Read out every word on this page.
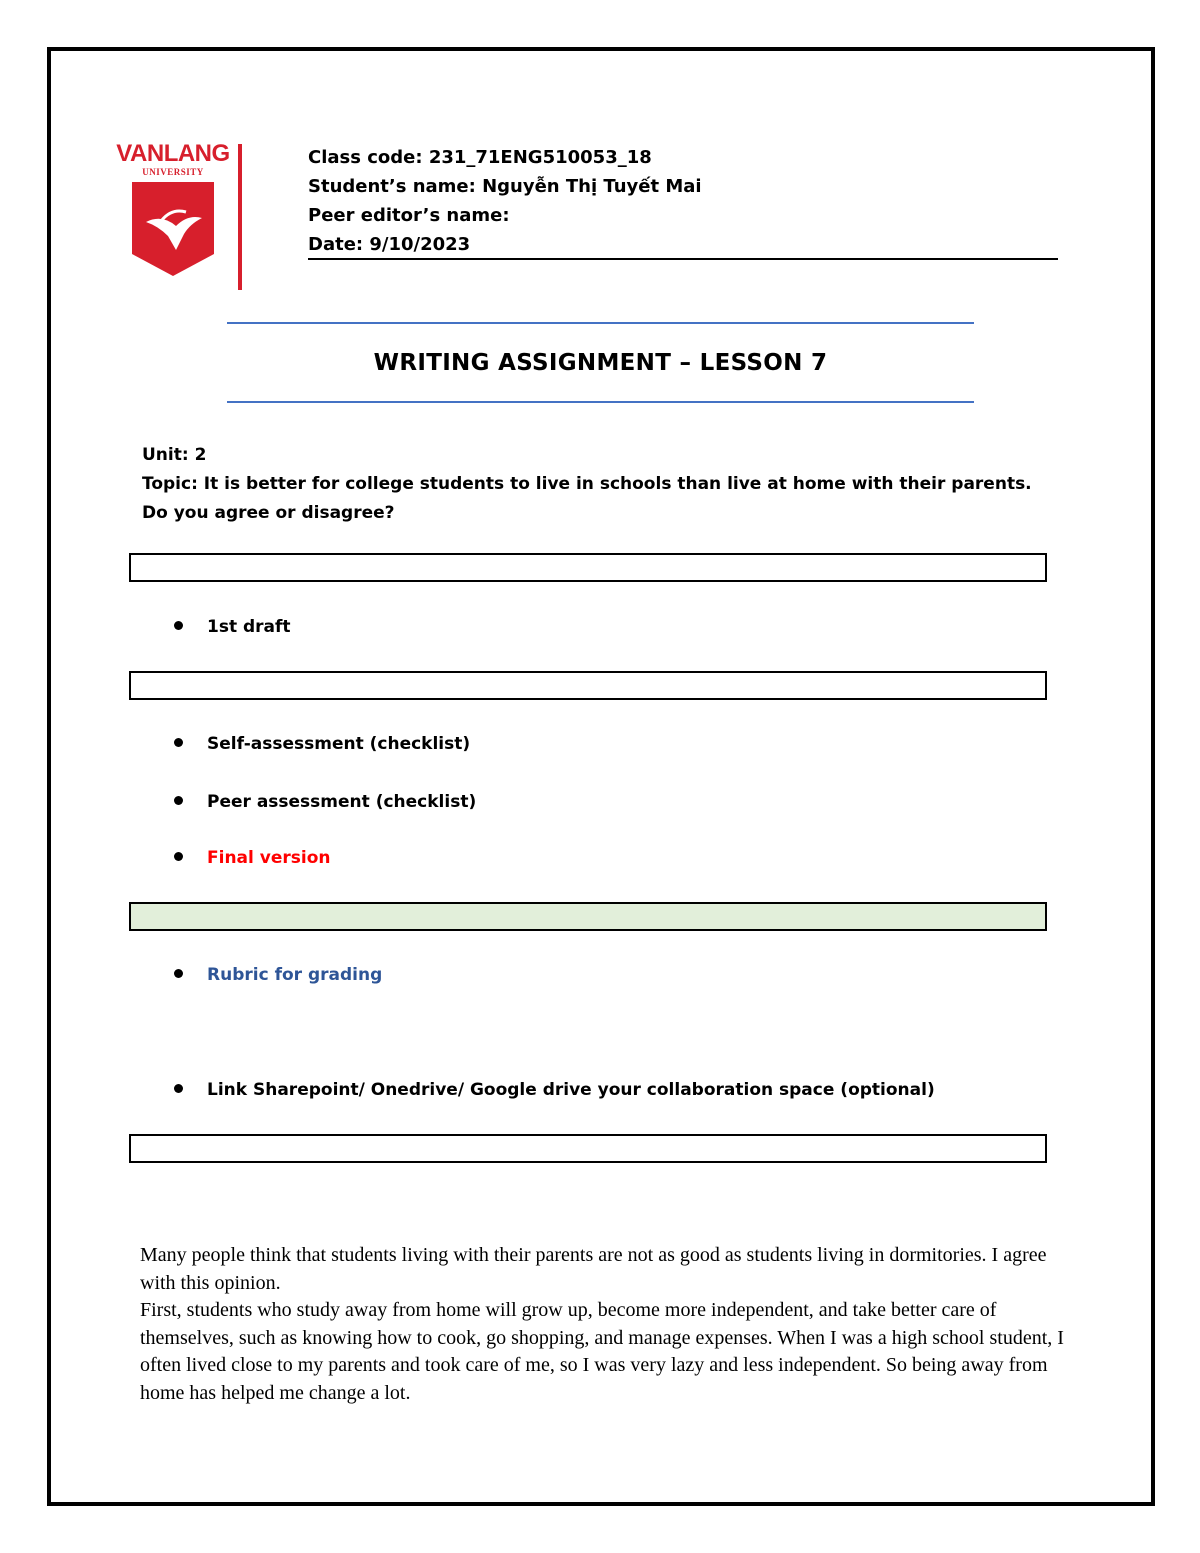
VANLANG
UNIVERSITY
Class code: 231_71ENG510053_18
Student’s name: Nguyễn Thị Tuyết Mai
Peer editor’s name:
Date: 9/10/2023
WRITING ASSIGNMENT – LESSON 7
Unit: 2
Topic: It is better for college students to live in schools than live at home with their parents.
Do you agree or disagree?
1st draft
Self-assessment (checklist)
Peer assessment (checklist)
Final version
Rubric for grading
Link Sharepoint/ Onedrive/ Google drive your collaboration space (optional)

Many people think that students living with their parents are not as good as students living in dormitories. I agree with this opinion.

First, students who study away from home will grow up, become more independent, and take better care of themselves, such as knowing how to cook, go shopping, and manage expenses. When I was a high school student, I often lived close to my parents and took care of me, so I was very lazy and less independent. So being away from home has helped me change a lot.
